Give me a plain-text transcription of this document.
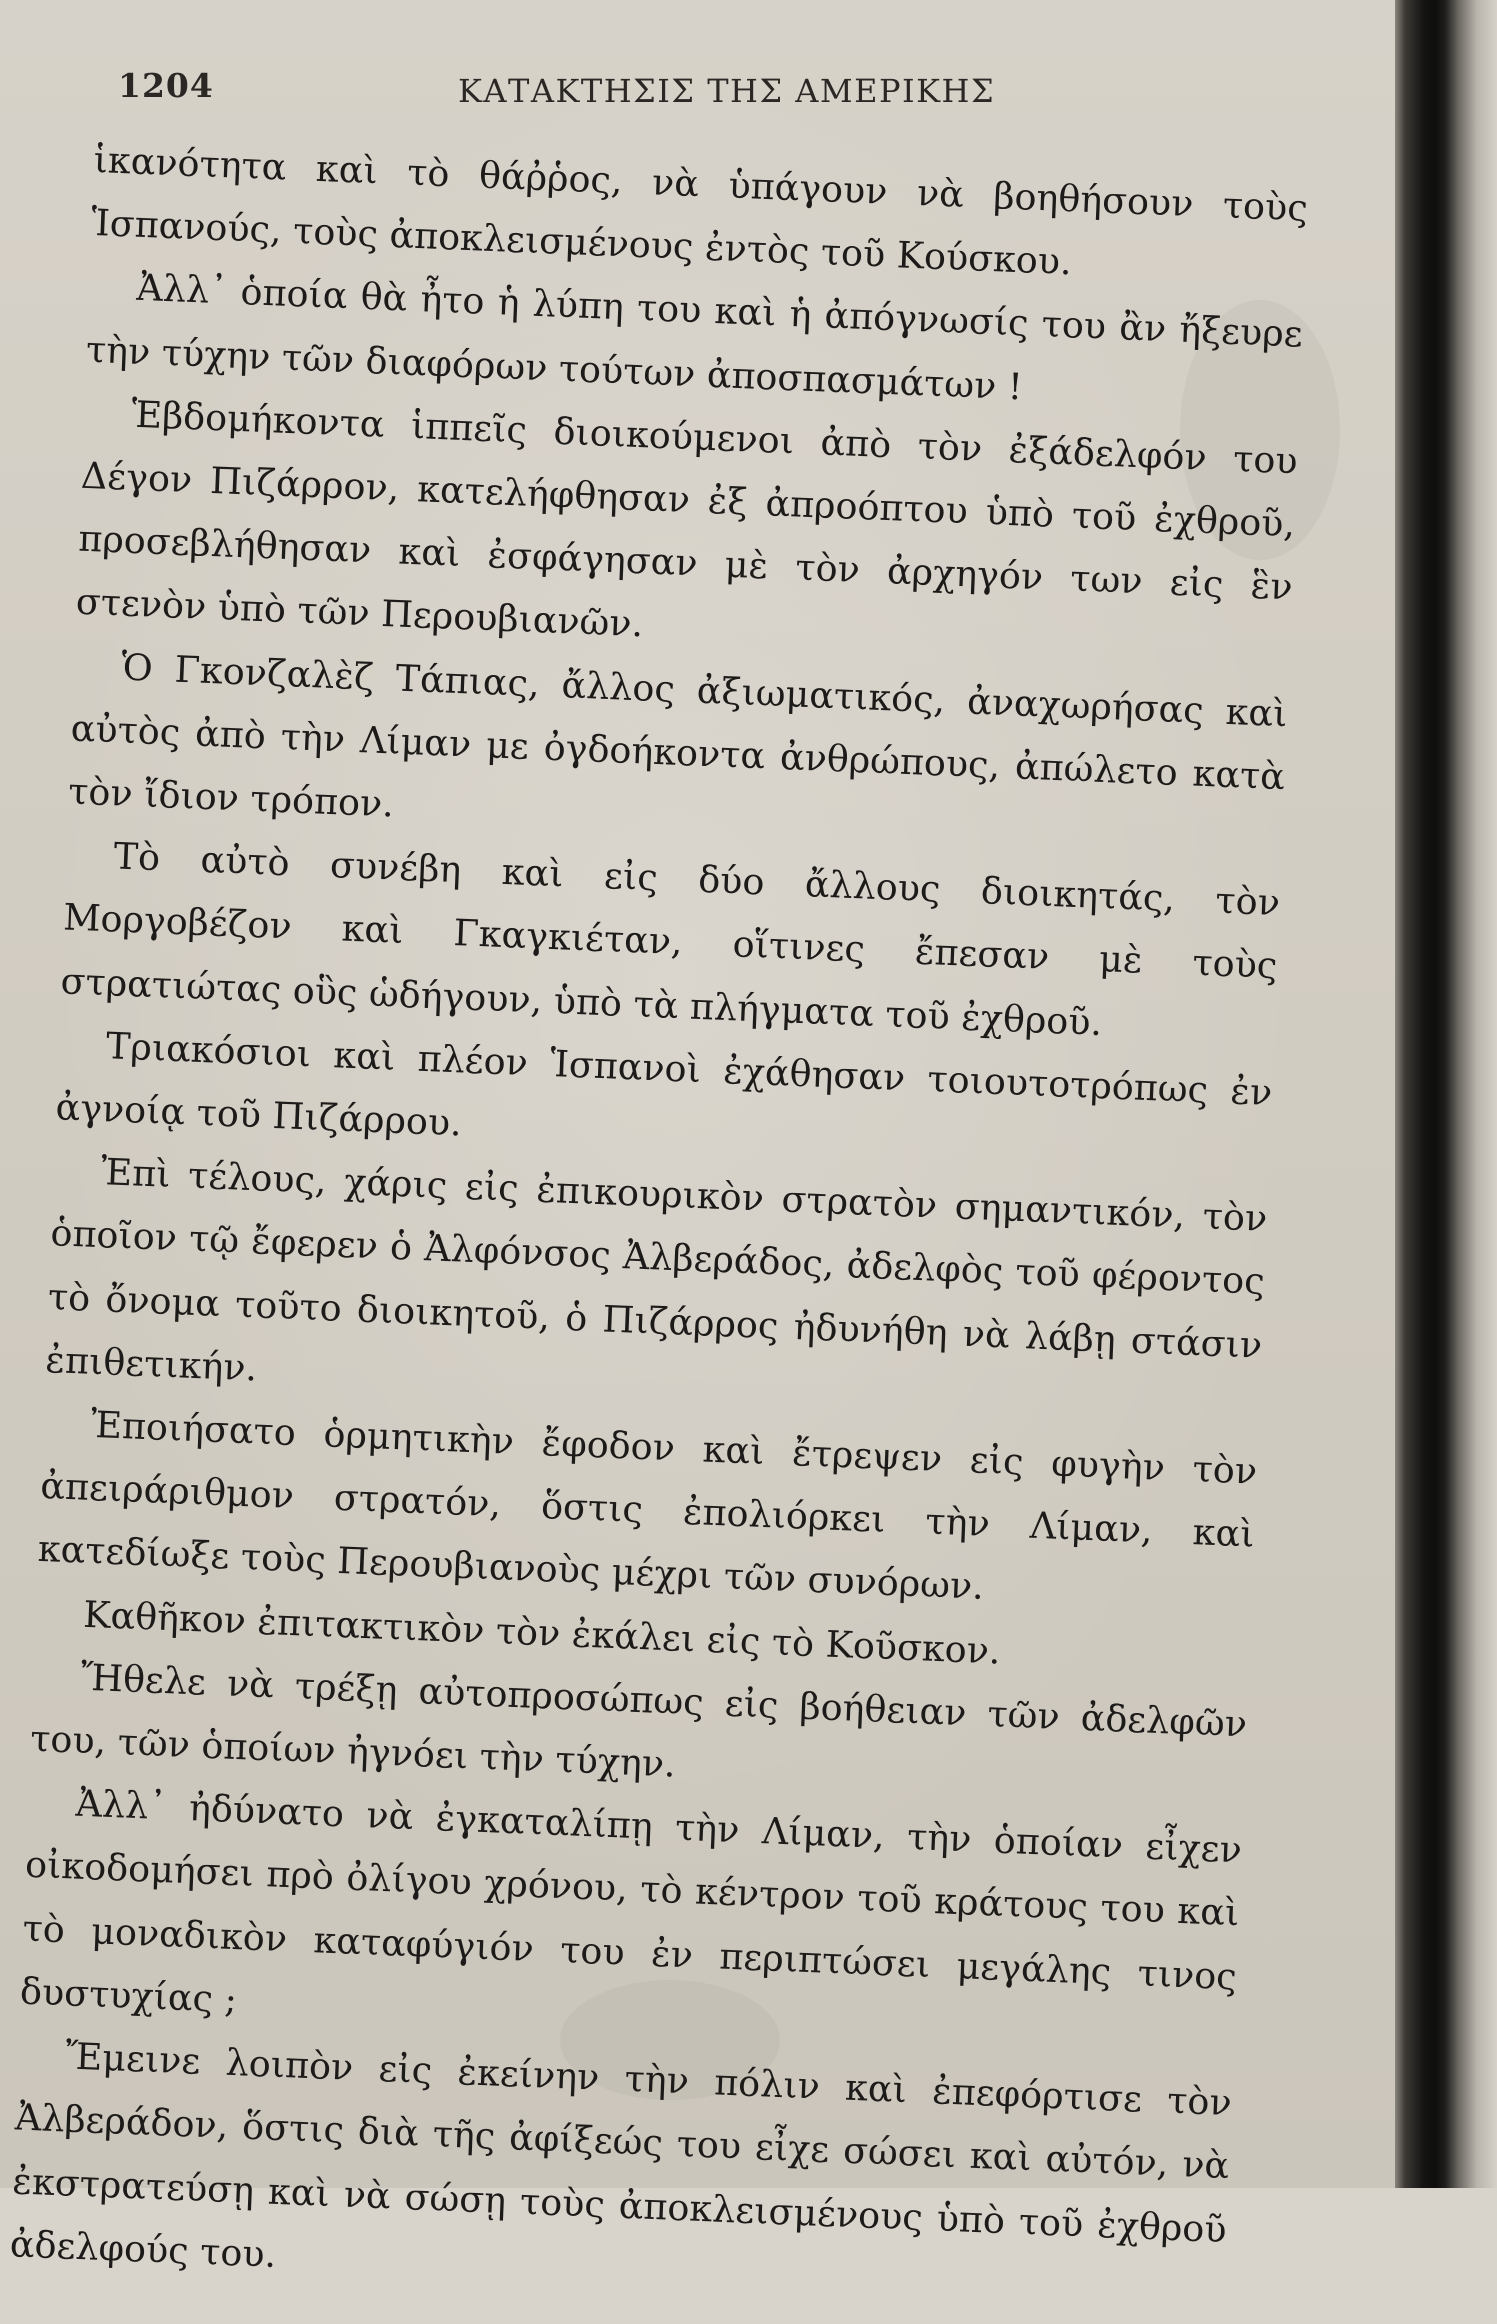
1204	ΚΑΤΑΚΤΗΣΙΣ ΤΗΣ ΑΜΕΡΙΚΗΣ

ἱκανότητα καὶ τὸ θάῤῥος, νὰ ὑπάγουν νὰ βοηθήσουν τοὺς Ἱσπανούς, τοὺς ἀποκλεισμένους ἐντὸς τοῦ Κούσκου.

Ἀλλ᾽ ὁποία θὰ ἦτο ἡ λύπη του καὶ ἡ ἀπόγνωσίς του ἂν ἤξευρε τὴν τύχην τῶν διαφόρων τούτων ἀποσπασμάτων !

Ἑβδομήκοντα ἱππεῖς διοικούμενοι ἀπὸ τὸν ἐξάδελφόν του Δέγον Πιζάρρον, κατελήφθησαν ἐξ ἀπροόπτου ὑπὸ τοῦ ἐχθροῦ, προσεβλήθησαν καὶ ἐσφάγησαν μὲ τὸν ἀρχηγόν των εἰς ἓν στενὸν ὑπὸ τῶν Περουβιανῶν.

Ὁ Γκονζαλὲζ Τάπιας, ἄλλος ἀξιωματικός, ἀναχωρήσας καὶ αὐτὸς ἀπὸ τὴν Λίμαν με ὀγδοήκοντα ἀνθρώπους, ἀπώλετο κατὰ τὸν ἴδιον τρόπον.

Τὸ αὐτὸ συνέβη καὶ εἰς δύο ἄλλους διοικητάς, τὸν Μοργοβέζον καὶ Γκαγκιέταν, οἵτινες ἔπεσαν μὲ τοὺς στρατιώτας οὓς ὡδήγουν, ὑπὸ τὰ πλήγματα τοῦ ἐχθροῦ.

Τριακόσιοι καὶ πλέον Ἱσπανοὶ ἐχάθησαν τοιουτοτρόπως ἐν ἀγνοίᾳ τοῦ Πιζάρρου.

Ἐπὶ τέλους, χάρις εἰς ἐπικουρικὸν στρατὸν σημαντικόν, τὸν ὁποῖον τῷ ἔφερεν ὁ Ἀλφόνσος Ἀλβεράδος, ἀδελφὸς τοῦ φέροντος τὸ ὄνομα τοῦτο διοικητοῦ, ὁ Πιζάρρος ἠδυνήθη νὰ λάβῃ στάσιν ἐπιθετικήν.

Ἐποιήσατο ὁρμητικὴν ἔφοδον καὶ ἔτρεψεν εἰς φυγὴν τὸν ἀπειράριθμον στρατόν, ὅστις ἐπολιόρκει τὴν Λίμαν, καὶ κατεδίωξε τοὺς Περουβιανοὺς μέχρι τῶν συνόρων.

Καθῆκον ἐπιτακτικὸν τὸν ἐκάλει εἰς τὸ Κοῦσκον.

Ἤθελε νὰ τρέξῃ αὐτοπροσώπως εἰς βοήθειαν τῶν ἀδελφῶν του, τῶν ὁποίων ἠγνόει τὴν τύχην.

Ἀλλ᾽ ἠδύνατο νὰ ἐγκαταλίπῃ τὴν Λίμαν, τὴν ὁποίαν εἶχεν οἰκοδομήσει πρὸ ὀλίγου χρόνου, τὸ κέντρον τοῦ κράτους του καὶ τὸ μοναδικὸν καταφύγιόν του ἐν περιπτώσει μεγάλης τινος δυστυχίας ;

Ἔμεινε λοιπὸν εἰς ἐκείνην τὴν πόλιν καὶ ἐπεφόρτισε τὸν Ἀλβεράδον, ὅστις διὰ τῆς ἀφίξεώς του εἶχε σώσει καὶ αὐτόν, νὰ ἐκστρατεύσῃ καὶ νὰ σώσῃ τοὺς ἀποκλεισμένους ὑπὸ τοῦ ἐχθροῦ ἀδελφούς του.
